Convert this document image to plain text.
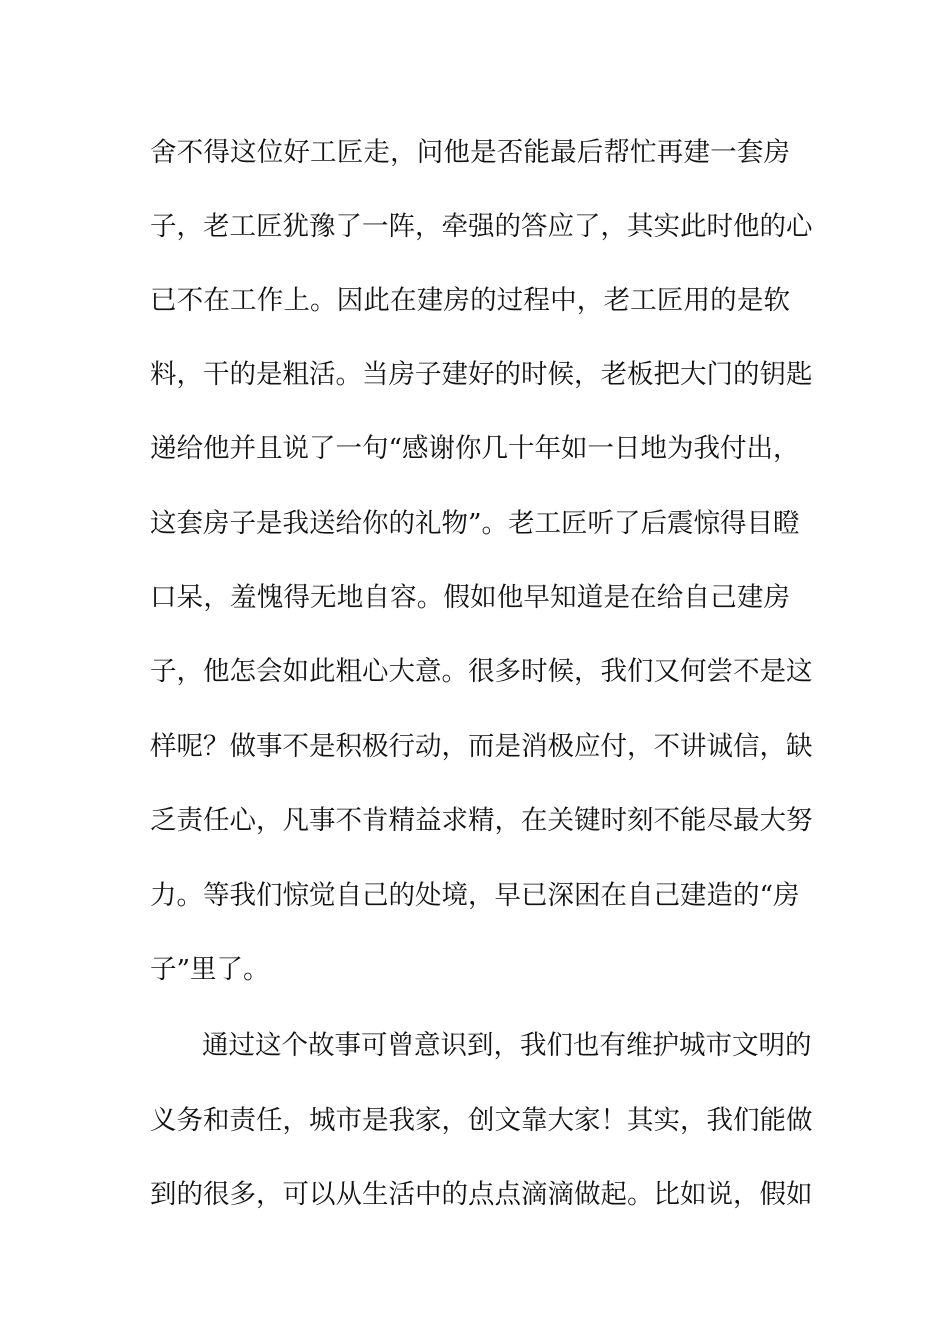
舍不得这位好工匠走，问他是否能最后帮忙再建一套房
子，老工匠犹豫了一阵，牵强的答应了，其实此时他的心
已不在工作上。因此在建房的过程中，老工匠用的是软
料，干的是粗活。当房子建好的时候，老板把大门的钥匙
递给他并且说了一句“感谢你几十年如一日地为我付出，
这套房子是我送给你的礼物”。老工匠听了后震惊得目瞪
口呆，羞愧得无地自容。假如他早知道是在给自己建房
子，他怎会如此粗心大意。很多时候，我们又何尝不是这
样呢？做事不是积极行动，而是消极应付，不讲诚信，缺
乏责任心，凡事不肯精益求精，在关键时刻不能尽最大努
力。等我们惊觉自己的处境，早已深困在自己建造的“房
子”里了。
通过这个故事可曾意识到，我们也有维护城市文明的
义务和责任，城市是我家，创文靠大家！其实，我们能做
到的很多，可以从生活中的点点滴滴做起。比如说，假如
